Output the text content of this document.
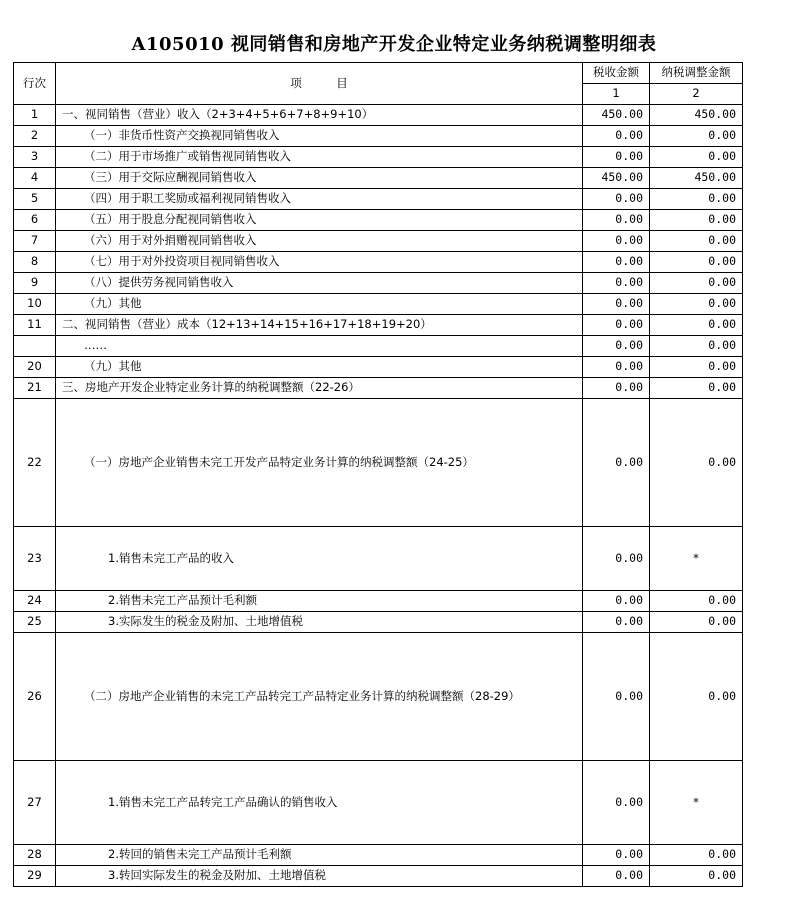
A105010 视同销售和房地产开发企业特定业务纳税调整明细表
行次	项　　　目	税收金额	纳税调整金额
		1	2
1	一、视同销售（营业）收入（2+3+4+5+6+7+8+9+10）	450.00	450.00
2	（一）非货币性资产交换视同销售收入	0.00	0.00
3	（二）用于市场推广或销售视同销售收入	0.00	0.00
4	（三）用于交际应酬视同销售收入	450.00	450.00
5	（四）用于职工奖励或福利视同销售收入	0.00	0.00
6	（五）用于股息分配视同销售收入	0.00	0.00
7	（六）用于对外捐赠视同销售收入	0.00	0.00
8	（七）用于对外投资项目视同销售收入	0.00	0.00
9	（八）提供劳务视同销售收入	0.00	0.00
10	（九）其他	0.00	0.00
11	二、视同销售（营业）成本（12+13+14+15+16+17+18+19+20）	0.00	0.00
	……	0.00	0.00
20	（九）其他	0.00	0.00
21	三、房地产开发企业特定业务计算的纳税调整额（22-26）	0.00	0.00
22	（一）房地产企业销售未完工开发产品特定业务计算的纳税调整额（24-25）	0.00	0.00
23	1.销售未完工产品的收入	0.00	*
24	2.销售未完工产品预计毛利额	0.00	0.00
25	3.实际发生的税金及附加、土地增值税	0.00	0.00
26	（二）房地产企业销售的未完工产品转完工产品特定业务计算的纳税调整额（28-29）	0.00	0.00
27	1.销售未完工产品转完工产品确认的销售收入	0.00	*
28	2.转回的销售未完工产品预计毛利额	0.00	0.00
29	3.转回实际发生的税金及附加、土地增值税	0.00	0.00
